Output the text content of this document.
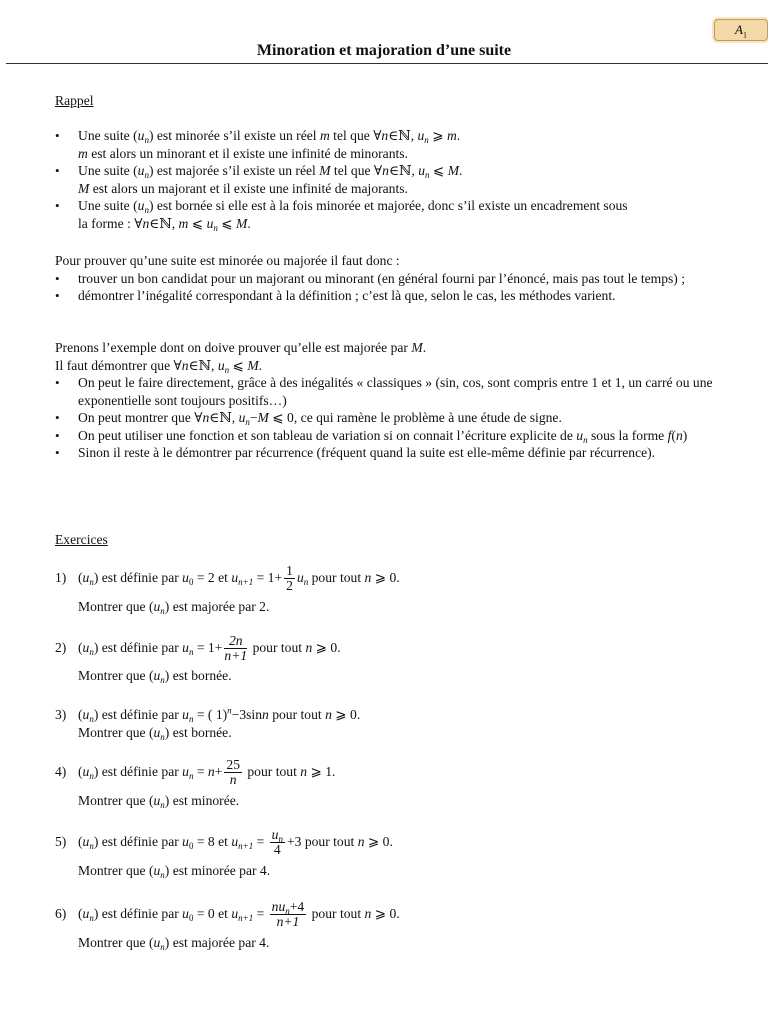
$A_1$
Minoration et majoration d’une suite
Rappel
• Une suite $(u_n)$ est minorée s’il existe un réel m tel que ∀n∈ℕ, $u_n$ ⩾ m.
m est alors un minorant et il existe une infinité de minorants.
• Une suite $(u_n)$ est majorée s’il existe un réel M tel que ∀n∈ℕ, $u_n$ ⩽ M.
M est alors un majorant et il existe une infinité de majorants.
• Une suite $(u_n)$ est bornée si elle est à la fois minorée et majorée, donc s’il existe un encadrement sous
la forme : ∀n∈ℕ, m ⩽ $u_n$ ⩽ M.
Pour prouver qu’une suite est minorée ou majorée il faut donc :
• trouver un bon candidat pour un majorant ou minorant (en général fourni par l’énoncé, mais pas tout le temps) ;
• démontrer l’inégalité correspondant à la définition ; c’est là que, selon le cas, les méthodes varient.
Prenons l’exemple dont on doive prouver qu’elle est majorée par M.
Il faut démontrer que ∀n∈ℕ, $u_n$ ⩽ M.
• On peut le faire directement, grâce à des inégalités « classiques » (sin, cos, sont compris entre 1 et 1, un carré ou une exponentielle sont toujours positifs…)
• On peut montrer que ∀n∈ℕ, $u_n-M$ ⩽ 0, ce qui ramène le problème à une étude de signe.
• On peut utiliser une fonction et son tableau de variation si on connait l’écriture explicite de $u_n$ sous la forme f(n)
• Sinon il reste à le démontrer par récurrence (fréquent quand la suite est elle-même définie par récurrence).
Exercices
1) $(u_n)$ est définie par $u_0 = 2$ et $u_{n+1} = 1+ \frac{1}{2} u_n$ pour tout n ⩾ 0.
Montrer que $(u_n)$ est majorée par 2.
2) $(u_n)$ est définie par $u_n = 1+ \frac{2n}{n+1}$ pour tout n ⩾ 0.
Montrer que $(u_n)$ est bornée.
3) $(u_n)$ est définie par $u_n$ = ( 1)$^n$−3sinn pour tout n ⩾ 0.
Montrer que $(u_n)$ est bornée.
4) $(u_n)$ est définie par $u_n = n+ \frac{25}{n}$ pour tout n ⩾ 1.
Montrer que $(u_n)$ est minorée.
5) $(u_n)$ est définie par $u_0 = 8$ et $u_{n+1} = \frac{u_n}{4} +3$ pour tout n ⩾ 0.
Montrer que $(u_n)$ est minorée par 4.
6) $(u_n)$ est définie par $u_0 = 0$ et $u_{n+1} = \frac{nu_n+4}{n+1}$ pour tout n ⩾ 0.
Montrer que $(u_n)$ est majorée par 4.
